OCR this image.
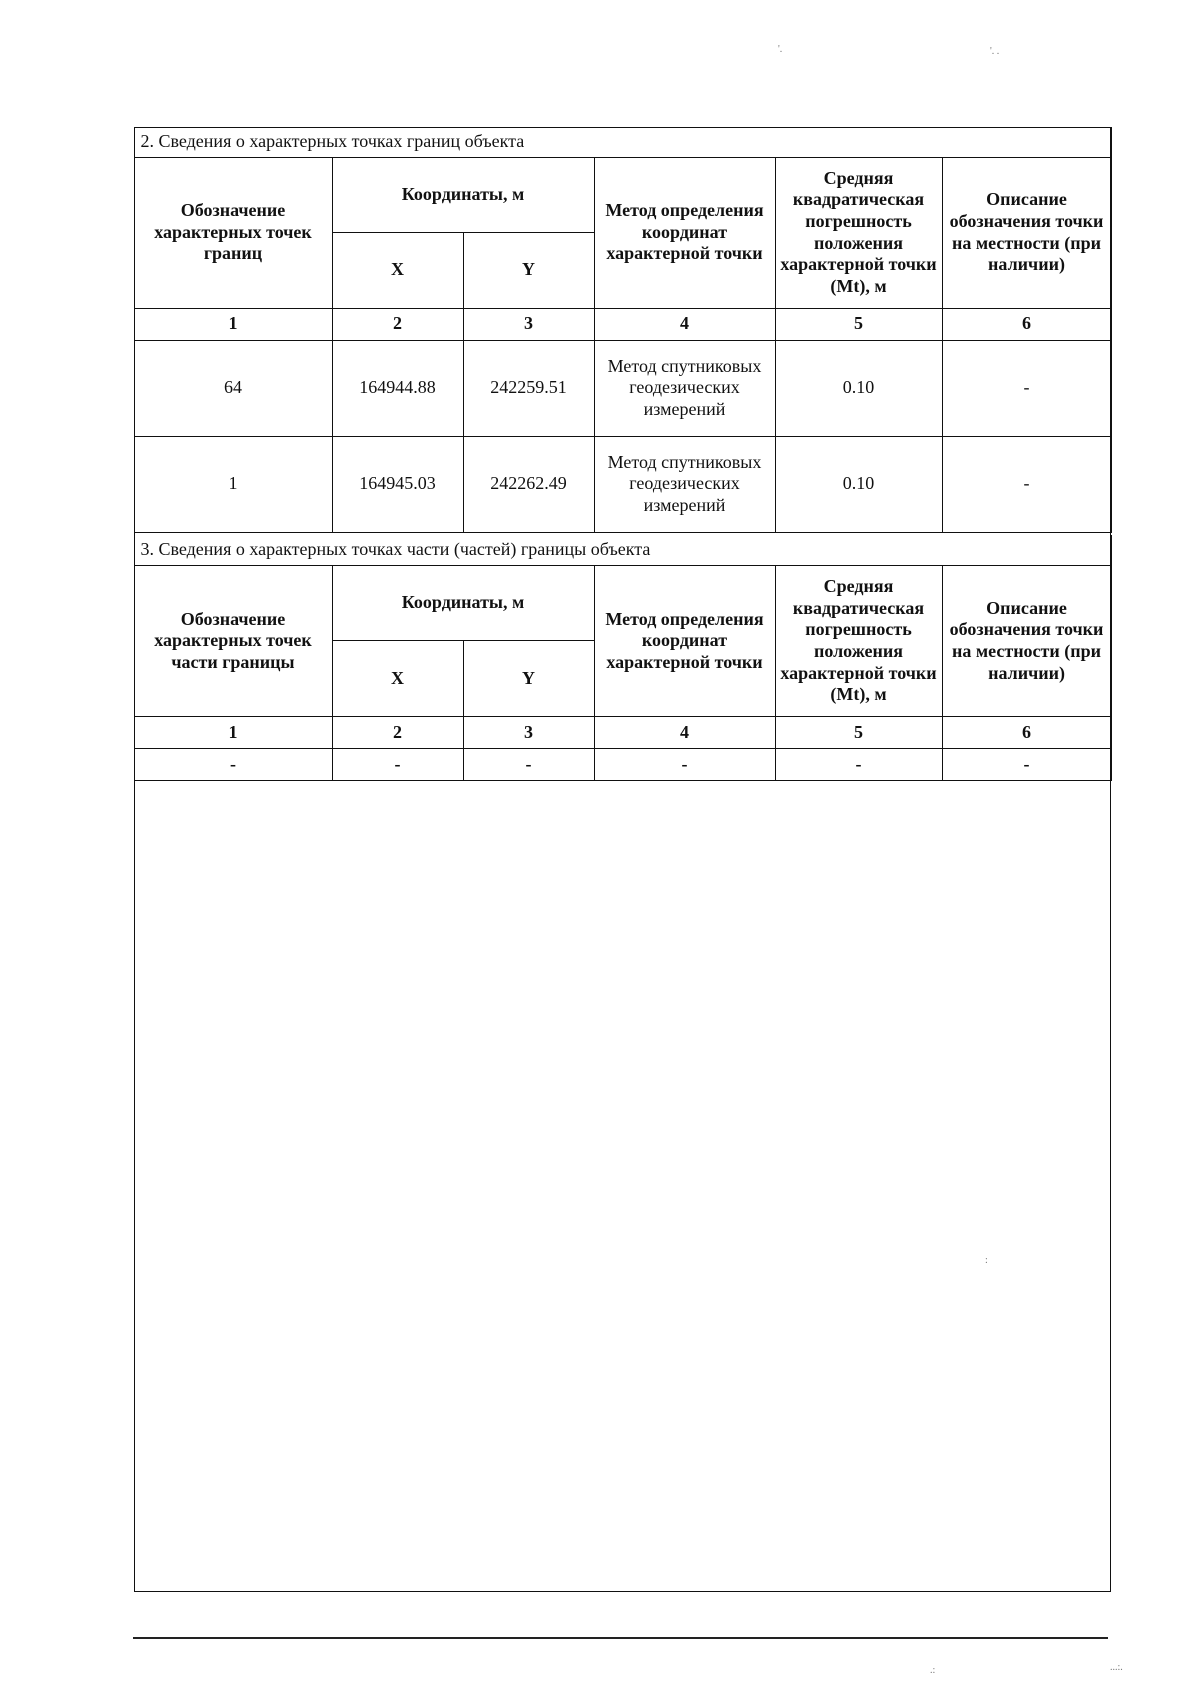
2. Сведения о характерных точках границ объекта					
Обозначение характерных точек границ	Координаты, м		Метод определения координат характерной точки	Средняя квадратическая погрешность положения характерной точки (Mt), м	Описание обозначения точки на местности (при наличии)
	X	Y			
1	2	3	4	5	6
64	164944.88	242259.51	Метод спутниковых геодезических измерений	0.10	-
1	164945.03	242262.49	Метод спутниковых геодезических измерений	0.10	-
3. Сведения о характерных точках части (частей) границы объекта					
Обозначение характерных точек части границы	Координаты, м		Метод определения координат характерной точки	Средняя квадратическая погрешность положения характерной точки (Mt), м	Описание обозначения точки на местности (при наличии)
	X	Y			
1	2	3	4	5	6
-	-	-	-	-	-
'.	'. .
:
.:	...:.
